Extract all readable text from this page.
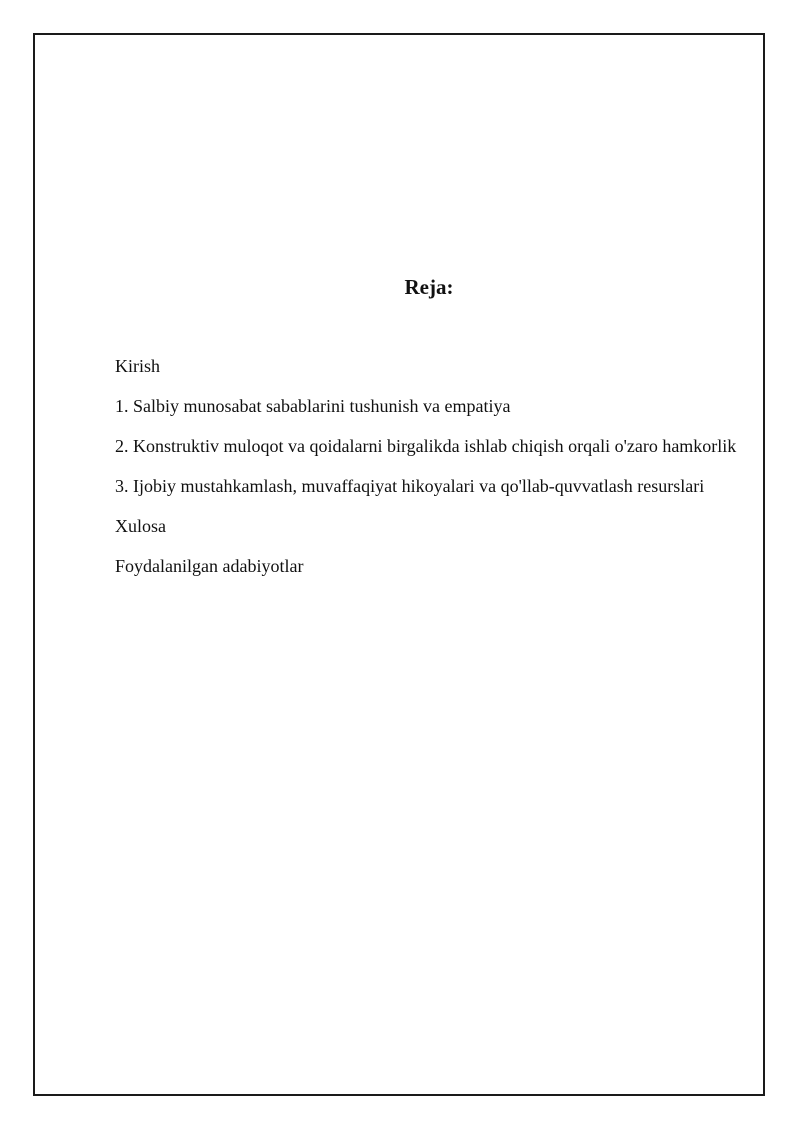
Reja:
Kirish
1. Salbiy munosabat sabablarini tushunish va empatiya
2. Konstruktiv muloqot va qoidalarni birgalikda ishlab chiqish orqali o'zaro hamkorlik
3. Ijobiy mustahkamlash, muvaffaqiyat hikoyalari va qo'llab-quvvatlash resurslari
Xulosa
Foydalanilgan adabiyotlar
